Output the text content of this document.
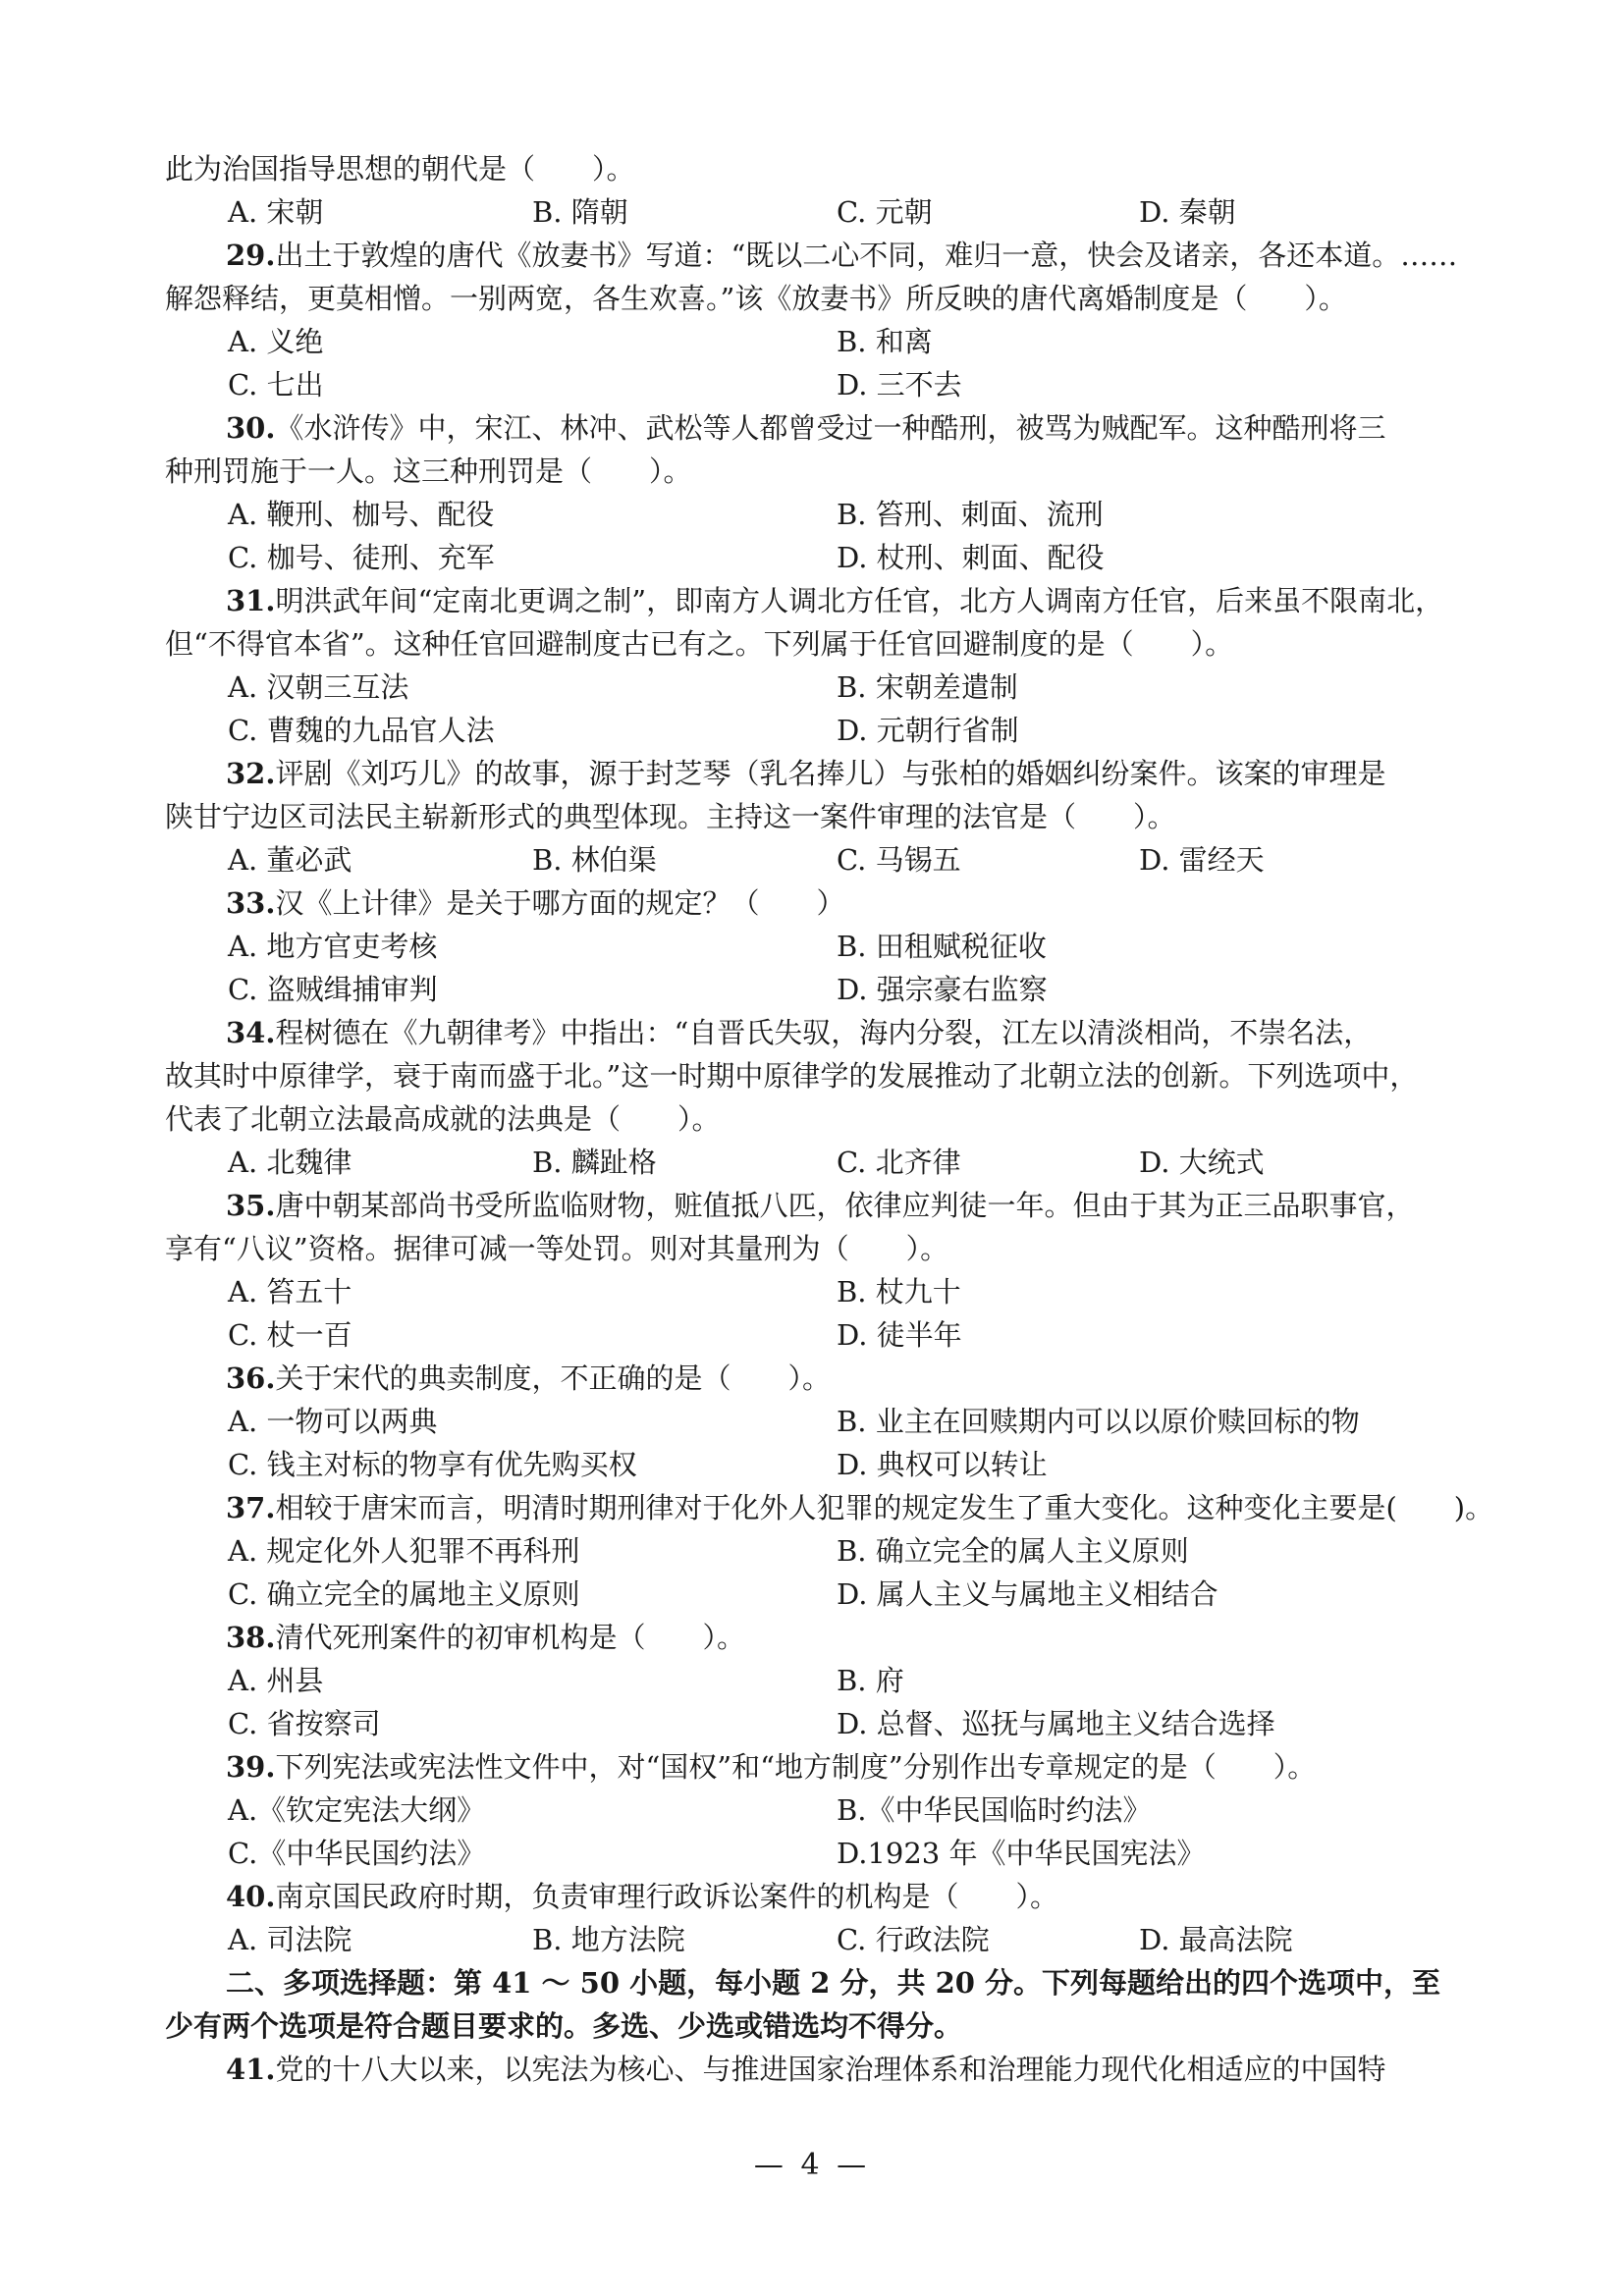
此为治国指导思想的朝代是（　　）。
A. 宋朝	B. 隋朝	C. 元朝	D. 秦朝
29.出土于敦煌的唐代《放妻书》写道：“既以二心不同，难归一意，快会及诸亲，各还本道。……
解怨释结，更莫相憎。一别两宽，各生欢喜。”该《放妻书》所反映的唐代离婚制度是（　　）。
A. 义绝	B. 和离
C. 七出	D. 三不去
30.《水浒传》中，宋江、林冲、武松等人都曾受过一种酷刑，被骂为贼配军。这种酷刑将三
种刑罚施于一人。这三种刑罚是（　　）。
A. 鞭刑、枷号、配役	B. 笞刑、刺面、流刑
C. 枷号、徒刑、充军	D. 杖刑、刺面、配役
31.明洪武年间“定南北更调之制”，即南方人调北方任官，北方人调南方任官，后来虽不限南北，
但“不得官本省”。这种任官回避制度古已有之。下列属于任官回避制度的是（　　）。
A. 汉朝三互法	B. 宋朝差遣制
C. 曹魏的九品官人法	D. 元朝行省制
32.评剧《刘巧儿》的故事，源于封芝琴（乳名捧儿）与张柏的婚姻纠纷案件。该案的审理是
陕甘宁边区司法民主崭新形式的典型体现。主持这一案件审理的法官是（　　）。
A. 董必武	B. 林伯渠	C. 马锡五	D. 雷经天
33.汉《上计律》是关于哪方面的规定？（　　）
A. 地方官吏考核	B. 田租赋税征收
C. 盗贼缉捕审判	D. 强宗豪右监察
34.程树德在《九朝律考》中指出：“自晋氏失驭，海内分裂，江左以清淡相尚，不崇名法，
故其时中原律学，衰于南而盛于北。”这一时期中原律学的发展推动了北朝立法的创新。下列选项中，
代表了北朝立法最高成就的法典是（　　）。
A. 北魏律	B. 麟趾格	C. 北齐律	D. 大统式
35.唐中朝某部尚书受所监临财物，赃值抵八匹，依律应判徒一年。但由于其为正三品职事官，
享有“八议”资格。据律可减一等处罚。则对其量刑为（　　）。
A. 笞五十	B. 杖九十
C. 杖一百	D. 徒半年
36.关于宋代的典卖制度，不正确的是（　　）。
A. 一物可以两典	B. 业主在回赎期内可以以原价赎回标的物
C. 钱主对标的物享有优先购买权	D. 典权可以转让
37.相较于唐宋而言，明清时期刑律对于化外人犯罪的规定发生了重大变化。这种变化主要是(　　)。
A. 规定化外人犯罪不再科刑	B. 确立完全的属人主义原则
C. 确立完全的属地主义原则	D. 属人主义与属地主义相结合
38.清代死刑案件的初审机构是（　　）。
A. 州县	B. 府
C. 省按察司	D. 总督、巡抚与属地主义结合选择
39.下列宪法或宪法性文件中，对“国权”和“地方制度”分别作出专章规定的是（　　）。
A.《钦定宪法大纲》	B.《中华民国临时约法》
C.《中华民国约法》	D.1923 年《中华民国宪法》
40.南京国民政府时期，负责审理行政诉讼案件的机构是（　　）。
A. 司法院	B. 地方法院	C. 行政法院	D. 最高法院
二、多项选择题：第 41 ～ 50 小题，每小题 2 分，共 20 分。下列每题给出的四个选项中，至
少有两个选项是符合题目要求的。多选、少选或错选均不得分。
41.党的十八大以来，以宪法为核心、与推进国家治理体系和治理能力现代化相适应的中国特
— 4 —
